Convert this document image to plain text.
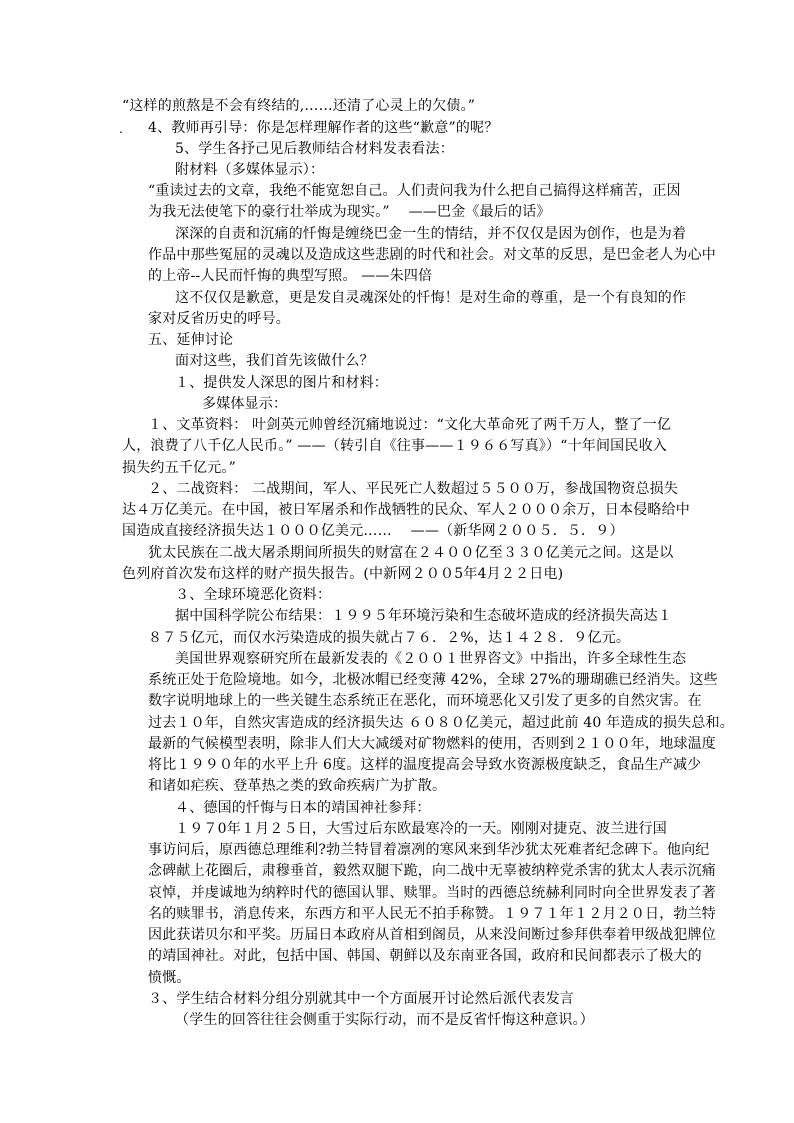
.
“这样的煎熬是不会有终结的,……还清了心灵上的欠债。”
4、教师再引导：你是怎样理解作者的这些“歉意”的呢？
5、学生各抒己见后教师结合材料发表看法：
附材料（多媒体显示）：
“重读过去的文章，我绝不能宽恕自己。人们责问我为什么把自己搞得这样痛苦，正因
为我无法使笔下的豪行壮举成为现实。”　 ——巴金《最后的话》
深深的自责和沉痛的忏悔是缠绕巴金一生的情结，并不仅仅是因为创作，也是为着
作品中那些冤屈的灵魂以及造成这些悲剧的时代和社会。对文革的反思，是巴金老人为心中
的上帝--人民而忏悔的典型写照。 ——朱四倍
这不仅仅是歉意，更是发自灵魂深处的忏悔！是对生命的尊重，是一个有良知的作
家对反省历史的呼号。
五、延伸讨论
面对这些，我们首先该做什么？
１、提供发人深思的图片和材料：
多媒体显示：
１、文革资料： 叶剑英元帅曾经沉痛地说过：“文化大革命死了两千万人，整了一亿
人，浪费了八千亿人民币。” ——（转引自《往事——１９６６写真》）“十年间国民收入
损失约五千亿元。”
２、二战资料： 二战期间，军人、平民死亡人数超过５５００万，参战国物资总损失
达４万亿美元。在中国，被日军屠杀和作战牺牲的民众、军人２０００余万，日本侵略给中
国造成直接经济损失达１０００亿美元……　 ——（新华网２００５．５．９）
犹太民族在二战大屠杀期间所损失的财富在２４００亿至３３０亿美元之间。这是以
色列府首次发布这样的财产损失报告。(中新网２００5年4月２２日电)
３、全球环境恶化资料：
据中国科学院公布结果：１９９５年环境污染和生态破坏造成的经济损失高达１
８７５亿元，而仅水污染造成的损失就占７６．２%，达１４２８．９亿元。
美国世界观察研究所在最新发表的《２００１世界咨文》中指出，许多全球性生态
系统正处于危险境地。如今，北极冰帽已经变薄 42%，全球 27%的珊瑚礁已经消失。这些
数字说明地球上的一些关键生态系统正在恶化，而环境恶化又引发了更多的自然灾害。在
过去１０年，自然灾害造成的经济损失达 ６０８０亿美元，超过此前 40 年造成的损失总和。
最新的气候模型表明，除非人们大大减缓对矿物燃料的使用，否则到２１００年，地球温度
将比１９９０年的水平上升 6度。这样的温度提高会导致水资源极度缺乏，食品生产减少
和诸如疟疾、登革热之类的致命疾病广为扩散。
４、德国的忏悔与日本的靖国神社参拜：
１９７0年１月２５日，大雪过后东欧最寒冷的一天。刚刚对捷克、波兰进行国
事访问后，原西德总理维利?勃兰特冒着凛冽的寒风来到华沙犹太死难者纪念碑下。他向纪
念碑献上花圈后，肃穆垂首，毅然双腿下跪，向二战中无辜被纳粹党杀害的犹太人表示沉痛
哀悼，并虔诚地为纳粹时代的德国认罪、赎罪。当时的西德总统赫利同时向全世界发表了著
名的赎罪书，消息传来，东西方和平人民无不拍手称赞。１９７１年１２月２０日，勃兰特
因此获诺贝尔和平奖。历届日本政府从首相到阁员，从来没间断过参拜供奉着甲级战犯牌位
的靖国神社。对此，包括中国、韩国、朝鲜以及东南亚各国，政府和民间都表示了极大的
愤慨。
３、学生结合材料分组分别就其中一个方面展开讨论然后派代表发言
（学生的回答往往会侧重于实际行动，而不是反省忏悔这种意识。）
